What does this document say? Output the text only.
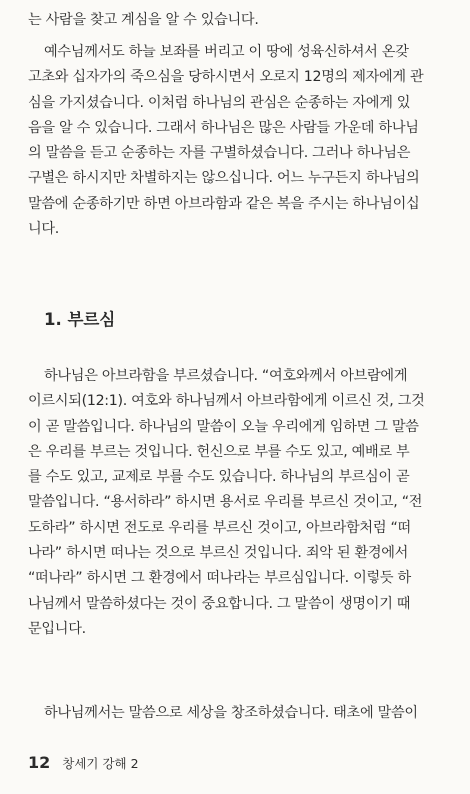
는 사람을 찾고 계심을 알 수 있습니다.

예수님께서도 하늘 보좌를 버리고 이 땅에 성육신하셔서 온갖
고초와 십자가의 죽으심을 당하시면서 오로지 12명의 제자에게 관
심을 가지셨습니다. 이처럼 하나님의 관심은 순종하는 자에게 있
음을 알 수 있습니다. 그래서 하나님은 많은 사람들 가운데 하나님
의 말씀을 듣고 순종하는 자를 구별하셨습니다. 그러나 하나님은
구별은 하시지만 차별하지는 않으십니다. 어느 누구든지 하나님의
말씀에 순종하기만 하면 아브라함과 같은 복을 주시는 하나님이십
니다.

1. 부르심

하나님은 아브라함을 부르셨습니다. “여호와께서 아브람에게
이르시되(12:1). 여호와 하나님께서 아브라함에게 이르신 것, 그것
이 곧 말씀입니다. 하나님의 말씀이 오늘 우리에게 임하면 그 말씀
은 우리를 부르는 것입니다. 헌신으로 부를 수도 있고, 예배로 부
를 수도 있고, 교제로 부를 수도 있습니다. 하나님의 부르심이 곧
말씀입니다. “용서하라” 하시면 용서로 우리를 부르신 것이고, “전
도하라” 하시면 전도로 우리를 부르신 것이고, 아브라함처럼 “떠
나라” 하시면 떠나는 것으로 부르신 것입니다. 죄악 된 환경에서
“떠나라” 하시면 그 환경에서 떠나라는 부르심입니다. 이렇듯 하
나님께서 말씀하셨다는 것이 중요합니다. 그 말씀이 생명이기 때
문입니다.

하나님께서는 말씀으로 세상을 창조하셨습니다. 태초에 말씀이

12 창세기 강해 2
